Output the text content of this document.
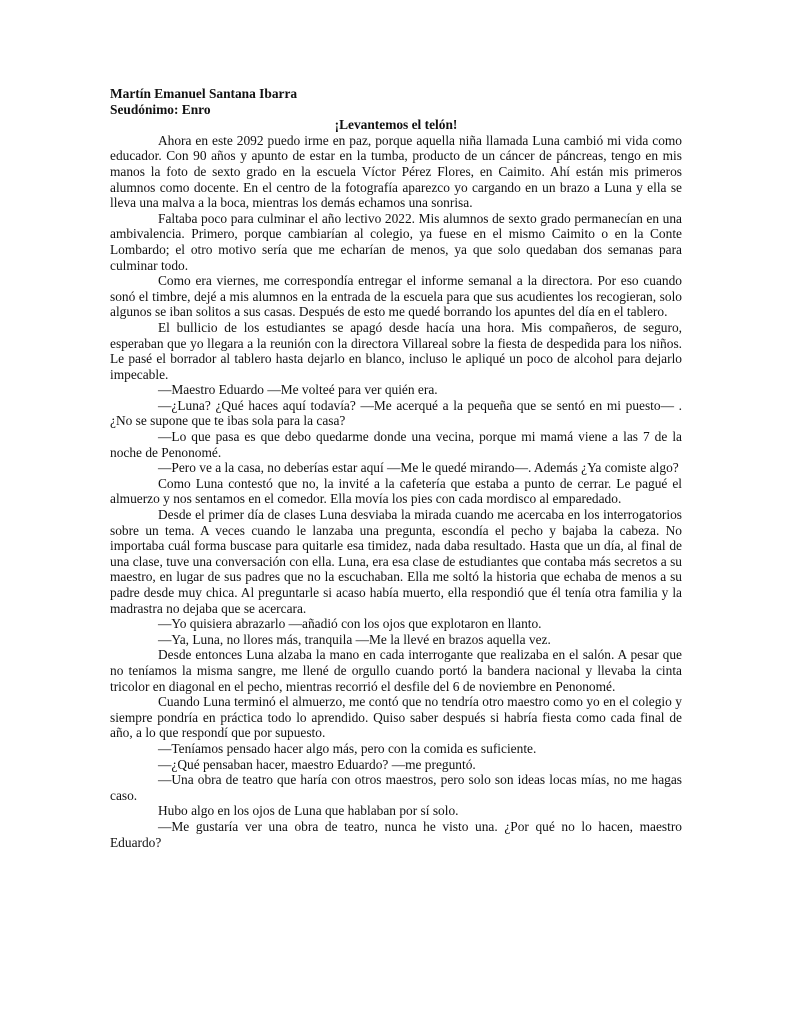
Martín Emanuel Santana Ibarra
Seudónimo: Enro
¡Levantemos el telón!

Ahora en este 2092 puedo irme en paz, porque aquella niña llamada Luna cambió mi vida como educador. Con 90 años y apunto de estar en la tumba, producto de un cáncer de páncreas, tengo en mis manos la foto de sexto grado en la escuela Víctor Pérez Flores, en Caimito. Ahí están mis primeros alumnos como docente. En el centro de la fotografía aparezco yo cargando en un brazo a Luna y ella se lleva una malva a la boca, mientras los demás echamos una sonrisa.

Faltaba poco para culminar el año lectivo 2022. Mis alumnos de sexto grado permanecían en una ambivalencia. Primero, porque cambiarían al colegio, ya fuese en el mismo Caimito o en la Conte Lombardo; el otro motivo sería que me echarían de menos, ya que solo quedaban dos semanas para culminar todo.

Como era viernes, me correspondía entregar el informe semanal a la directora. Por eso cuando sonó el timbre, dejé a mis alumnos en la entrada de la escuela para que sus acudientes los recogieran, solo algunos se iban solitos a sus casas. Después de esto me quedé borrando los apuntes del día en el tablero.

El bullicio de los estudiantes se apagó desde hacía una hora. Mis compañeros, de seguro, esperaban que yo llegara a la reunión con la directora Villareal sobre la fiesta de despedida para los niños. Le pasé el borrador al tablero hasta dejarlo en blanco, incluso le apliqué un poco de alcohol para dejarlo impecable.

—Maestro Eduardo —Me volteé para ver quién era.

—¿Luna? ¿Qué haces aquí todavía? —Me acerqué a la pequeña que se sentó en mi puesto— . ¿No se supone que te ibas sola para la casa?

—Lo que pasa es que debo quedarme donde una vecina, porque mi mamá viene a las 7 de la noche de Penonomé.

—Pero ve a la casa, no deberías estar aquí —Me le quedé mirando—. Además ¿Ya comiste algo?

Como Luna contestó que no, la invité a la cafetería que estaba a punto de cerrar. Le pagué el almuerzo y nos sentamos en el comedor. Ella movía los pies con cada mordisco al emparedado.

Desde el primer día de clases Luna desviaba la mirada cuando me acercaba en los interrogatorios sobre un tema. A veces cuando le lanzaba una pregunta, escondía el pecho y bajaba la cabeza. No importaba cuál forma buscase para quitarle esa timidez, nada daba resultado. Hasta que un día, al final de una clase, tuve una conversación con ella. Luna, era esa clase de estudiantes que contaba más secretos a su maestro, en lugar de sus padres que no la escuchaban. Ella me soltó la historia que echaba de menos a su padre desde muy chica. Al preguntarle si acaso había muerto, ella respondió que él tenía otra familia y la madrastra no dejaba que se acercara.

—Yo quisiera abrazarlo —añadió con los ojos que explotaron en llanto.

—Ya, Luna, no llores más, tranquila —Me la llevé en brazos aquella vez.

Desde entonces Luna alzaba la mano en cada interrogante que realizaba en el salón. A pesar que no teníamos la misma sangre, me llené de orgullo cuando portó la bandera nacional y llevaba la cinta tricolor en diagonal en el pecho, mientras recorrió el desfile del 6 de noviembre en Penonomé.

Cuando Luna terminó el almuerzo, me contó que no tendría otro maestro como yo en el colegio y siempre pondría en práctica todo lo aprendido. Quiso saber después si habría fiesta como cada final de año, a lo que respondí que por supuesto.

—Teníamos pensado hacer algo más, pero con la comida es suficiente.

—¿Qué pensaban hacer, maestro Eduardo? —me preguntó.

—Una obra de teatro que haría con otros maestros, pero solo son ideas locas mías, no me hagas caso.

Hubo algo en los ojos de Luna que hablaban por sí solo.

—Me gustaría ver una obra de teatro, nunca he visto una. ¿Por qué no lo hacen, maestro Eduardo?
